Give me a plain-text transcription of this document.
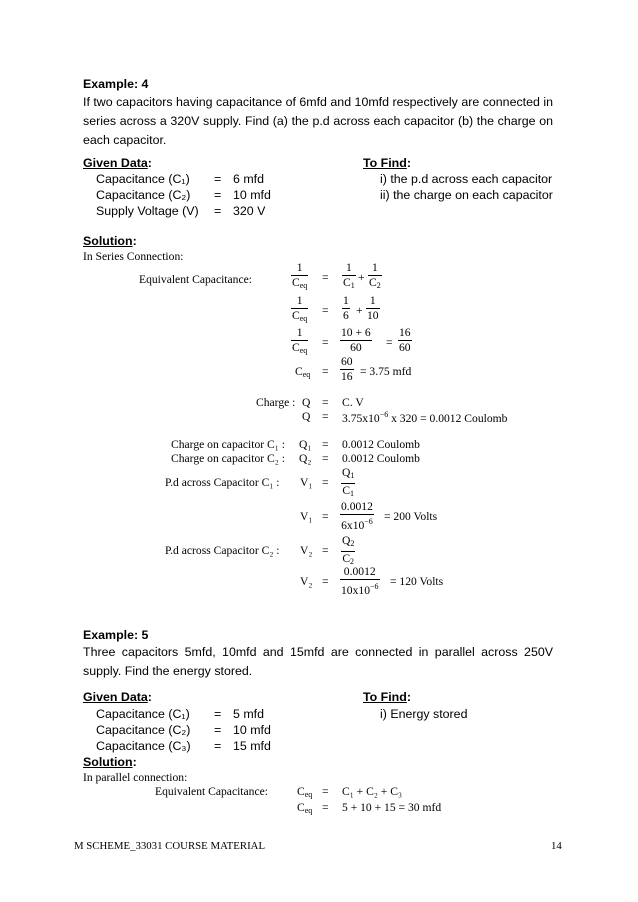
Example: 4
If two capacitors having capacitance of 6mfd and 10mfd respectively are connected in series across a 320V supply. Find (a) the p.d across each capacitor (b) the charge on each capacitor.
Given Data:
Capacitance (C₁) = 6 mfd
Capacitance (C₂) = 10 mfd
Supply Voltage (V) = 320 V
To Find:
i) the p.d across each capacitor
ii) the charge on each capacitor
Solution:
In Series Connection:
Equivalent Capacitance:
1
$C_{eq}$
= $\frac{1}{C_1} + \frac{1}{C_2}$
1
$C_{eq}$
= $\frac{1}{6} + \frac{1}{10}$
1
$C_{eq}$
= $\frac{10 + 6}{60} = \frac{16}{60}$
$C_{eq} = \frac{60}{16} = 3.75$ mfd
Charge : Q = C. V
$Q = 3.75x10^{-6}$ x 320 = 0.0012 Coulomb
Charge on capacitor C₁ : Q₁ = 0.0012 Coulomb
Charge on capacitor C₂ : Q₂ = 0.0012 Coulomb
P.d across Capacitor C₁ : $V_1 = \frac{Q_1}{C_1}$
$V_1 = \frac{0.0012}{6x10^{-6}} = 200$ Volts
P.d across Capacitor C₂ : $V_2 = \frac{Q_2}{C_2}$
$V_2 = \frac{0.0012}{10x10^{-6}} = 120$ Volts
Example: 5
Three capacitors 5mfd, 10mfd and 15mfd are connected in parallel across 250V supply. Find the energy stored.
Given Data:
Capacitance (C₁) = 5 mfd
Capacitance (C₂) = 10 mfd
Capacitance (C₃) = 15 mfd
To Find:
i) Energy stored
Solution:
In parallel connection:
Equivalent Capacitance:	$C_{eq} = C_1 + C_2 + C_3$
$C_{eq} = 5 + 10 + 15 = 30$ mfd
M SCHEME_33031 COURSE MATERIAL	14
